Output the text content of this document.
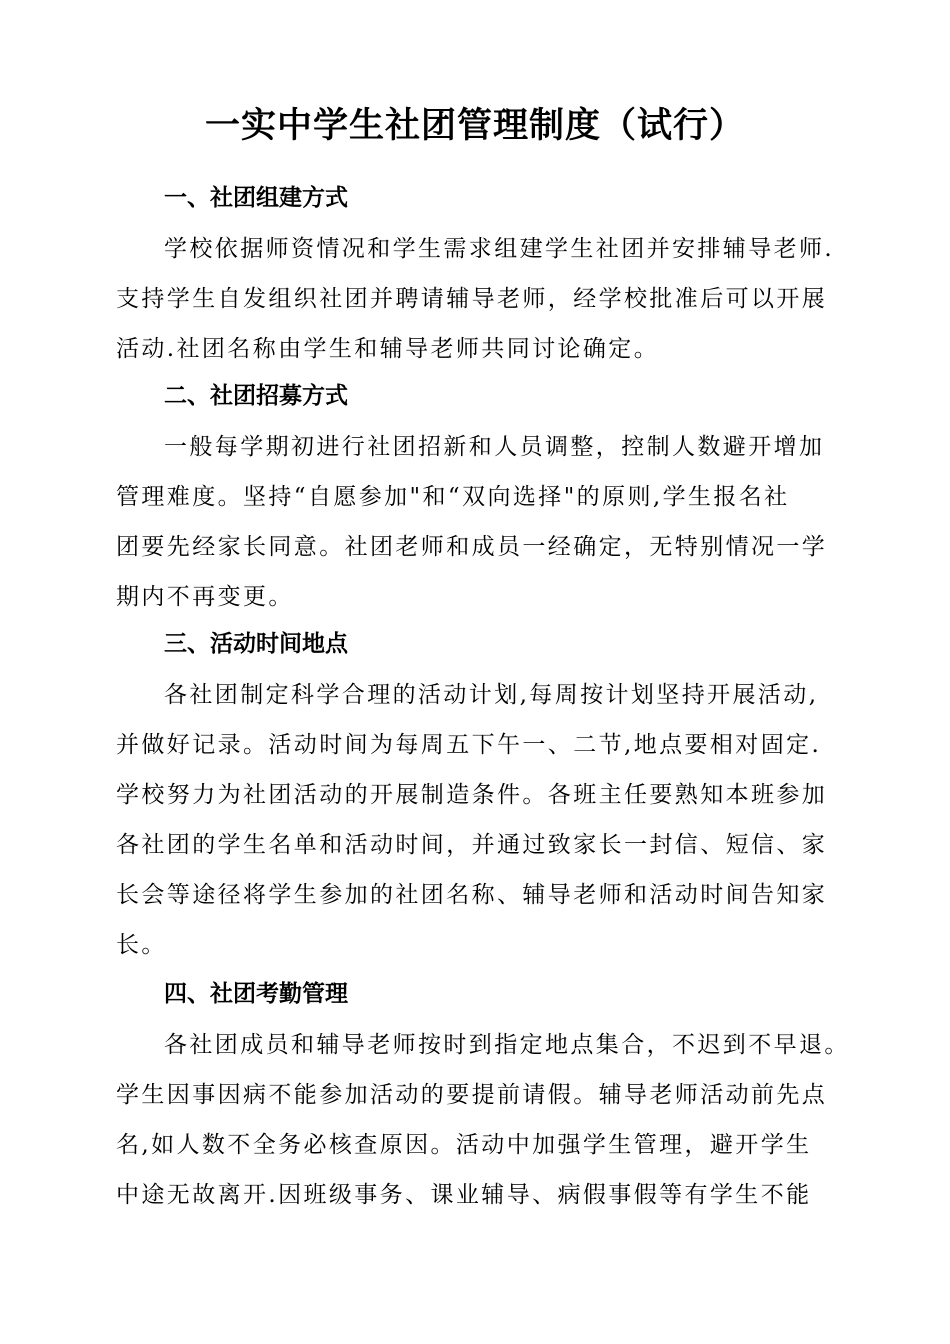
一实中学生社团管理制度（试行）
一、社团组建方式
学校依据师资情况和学生需求组建学生社团并安排辅导老师.
支持学生自发组织社团并聘请辅导老师，经学校批准后可以开展
活动.社团名称由学生和辅导老师共同讨论确定。
二、社团招募方式
一般每学期初进行社团招新和人员调整，控制人数避开增加
管理难度。坚持“自愿参加"和“双向选择"的原则,学生报名社
团要先经家长同意。社团老师和成员一经确定，无特别情况一学
期内不再变更。
三、活动时间地点
各社团制定科学合理的活动计划,每周按计划坚持开展活动,
并做好记录。活动时间为每周五下午一、二节,地点要相对固定.
学校努力为社团活动的开展制造条件。各班主任要熟知本班参加
各社团的学生名单和活动时间，并通过致家长一封信、短信、家
长会等途径将学生参加的社团名称、辅导老师和活动时间告知家
长。
四、社团考勤管理
各社团成员和辅导老师按时到指定地点集合，不迟到不早退。
学生因事因病不能参加活动的要提前请假。辅导老师活动前先点
名,如人数不全务必核查原因。活动中加强学生管理，避开学生
中途无故离开.因班级事务、课业辅导、病假事假等有学生不能
